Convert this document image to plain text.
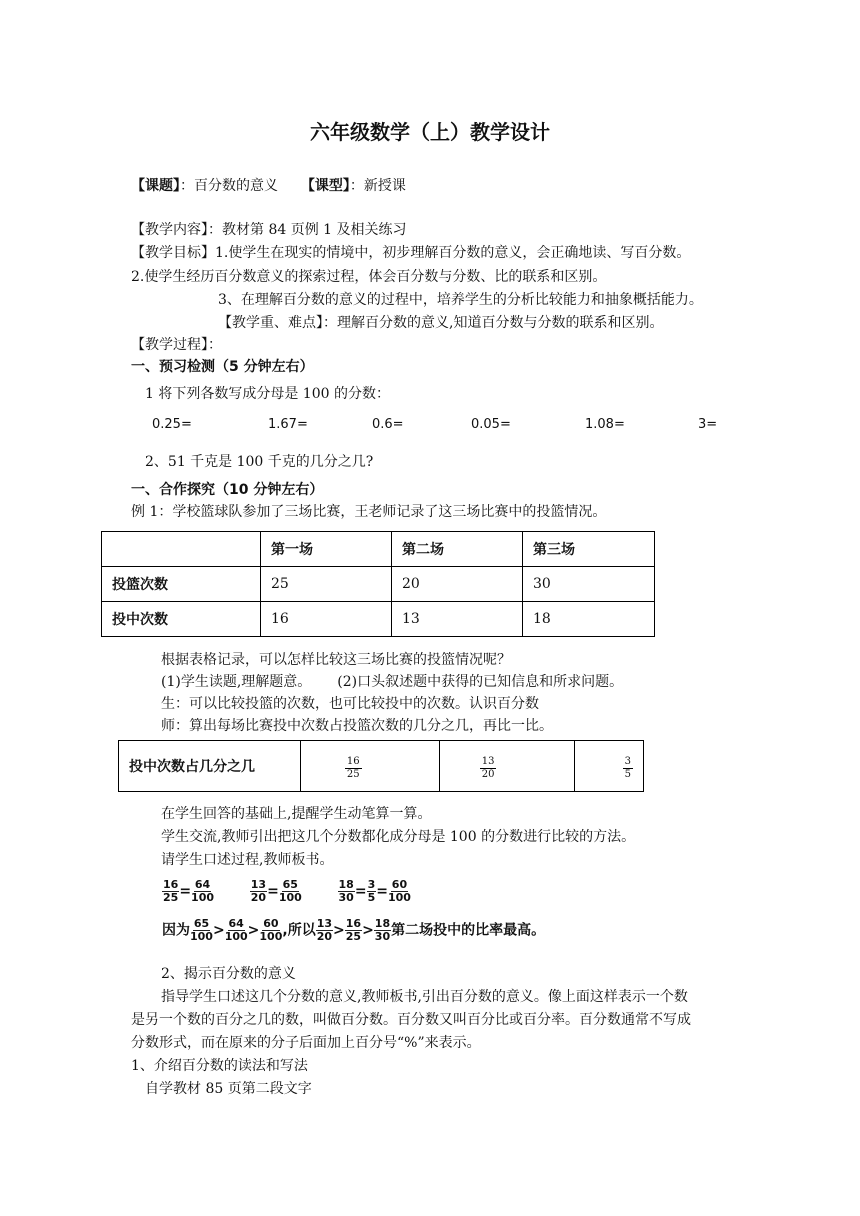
六年级数学（上）教学设计
【课题】：百分数的意义 【课型】：新授课
【教学内容】：教材第 84 页例 1 及相关练习
【教学目标】1.使学生在现实的情境中，初步理解百分数的意义，会正确地读、写百分数。
2.使学生经历百分数意义的探索过程，体会百分数与分数、比的联系和区别。
3、在理解百分数的意义的过程中，培养学生的分析比较能力和抽象概括能力。
【教学重、难点】：理解百分数的意义,知道百分数与分数的联系和区别。
【教学过程】：
一、预习检测（5 分钟左右）
1 将下列各数写成分母是 100 的分数：
0.25=	1.67=	0.6=	0.05=	1.08=	3=
2、51 千克是 100 千克的几分之几?
一、合作探究（10 分钟左右）
例 1：学校篮球队参加了三场比赛，王老师记录了这三场比赛中的投篮情况。
	第一场	第二场	第三场
投篮次数	25	20	30
投中次数	16	13	18
根据表格记录，可以怎样比较这三场比赛的投篮情况呢？
(1)学生读题,理解题意。 (2)口头叙述题中获得的已知信息和所求问题。
生：可以比较投篮的次数，也可比较投中的次数。认识百分数
师：算出每场比赛投中次数占投篮次数的几分之几，再比一比。
投中次数占几分之几	$\frac{16}{25}$	$\frac{13}{20}$	$\frac{3}{5}$
在学生回答的基础上,提醒学生动笔算一算。
学生交流,教师引出把这几个分数都化成分母是 100 的分数进行比较的方法。
请学生口述过程,教师板书。
$\frac{16}{25} = \frac{64}{100}$
	$\frac{13}{20} = \frac{65}{100}$
	$\frac{18}{30} = \frac{3}{5} = \frac{60}{100}$
因为 $\frac{65}{100} > \frac{64}{100} > \frac{60}{100}$ ,所以 $\frac{13}{20} > \frac{16}{25} > \frac{18}{30}$ 第二场投中的比率最高。
2、揭示百分数的意义
指导学生口述这几个分数的意义,教师板书,引出百分数的意义。像上面这样表示一个数
是另一个数的百分之几的数，叫做百分数。百分数又叫百分比或百分率。百分数通常不写成
分数形式，而在原来的分子后面加上百分号“%”来表示。
1、介绍百分数的读法和写法
自学教材 85 页第二段文字
